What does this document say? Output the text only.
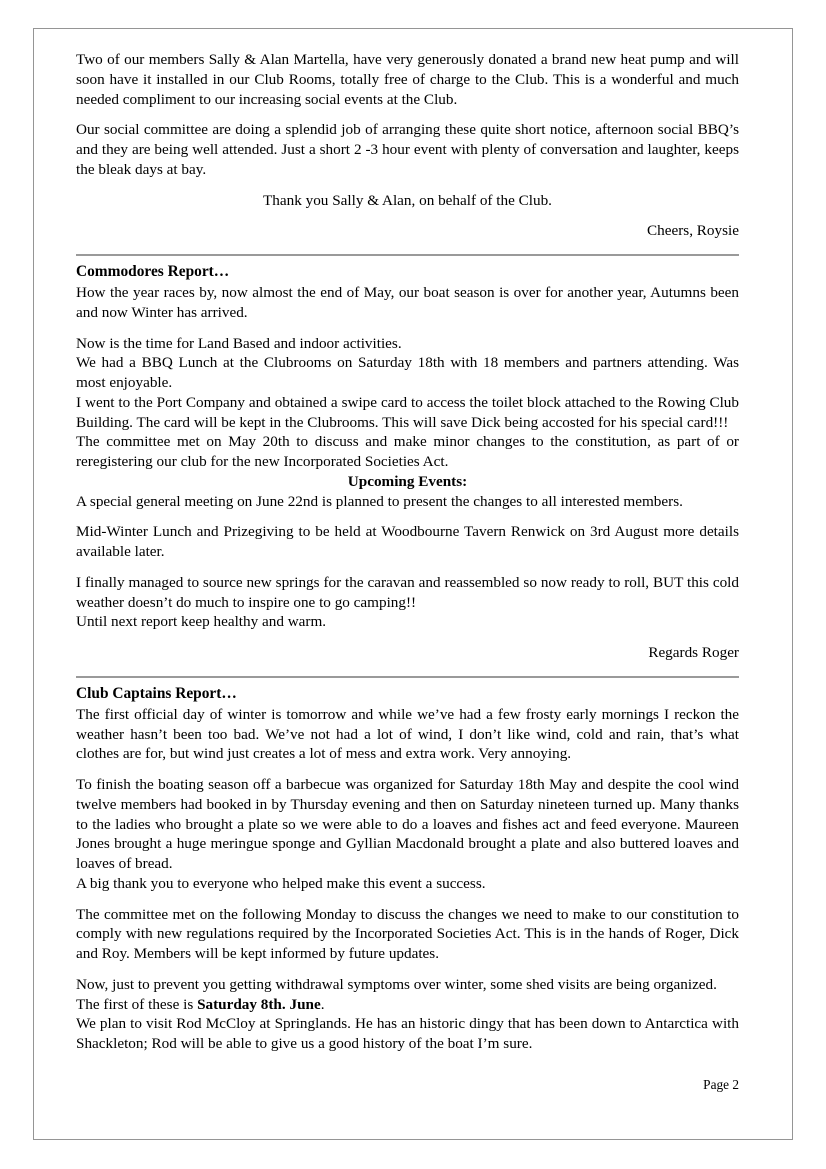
Two of our members Sally & Alan Martella, have very generously donated a brand new heat pump and will soon have it installed in our Club Rooms, totally free of charge to the Club. This is a wonderful and much needed compliment to our increasing social events at the Club.

Our social committee are doing a splendid job of arranging these quite short notice, afternoon social BBQ’s and they are being well attended. Just a short 2 -3 hour event with plenty of conversation and laughter, keeps the bleak days at bay.

Thank you Sally & Alan, on behalf of the Club.

Cheers, Roysie

Commodores Report…

How the year races by, now almost the end of May, our boat season is over for another year, Autumns been and now Winter has arrived.

Now is the time for Land Based and indoor activities.

We had a BBQ Lunch at the Clubrooms on Saturday 18th with 18 members and partners attending. Was most enjoyable.

I went to the Port Company and obtained a swipe card to access the toilet block attached to the Rowing Club Building. The card will be kept in the Clubrooms. This will save Dick being accosted for his special card!!!

The committee met on May 20th to discuss and make minor changes to the constitution, as part of or reregistering our club for the new Incorporated Societies Act.

Upcoming Events:

A special general meeting on June 22nd is planned to present the changes to all interested members.

Mid-Winter Lunch and Prizegiving to be held at Woodbourne Tavern Renwick on 3rd August more details available later.

I finally managed to source new springs for the caravan and reassembled so now ready to roll, BUT this cold weather doesn’t do much to inspire one to go camping!!

Until next report keep healthy and warm.

Regards Roger

Club Captains Report…

The first official day of winter is tomorrow and while we’ve had a few frosty early mornings I reckon the weather hasn’t been too bad. We’ve not had a lot of wind, I don’t like wind, cold and rain, that’s what clothes are for, but wind just creates a lot of mess and extra work. Very annoying.

To finish the boating season off a barbecue was organized for Saturday 18th May and despite the cool wind twelve members had booked in by Thursday evening and then on Saturday nineteen turned up. Many thanks to the ladies who brought a plate so we were able to do a loaves and fishes act and feed everyone. Maureen Jones brought a huge meringue sponge and Gyllian Macdonald brought a plate and also buttered loaves and loaves of bread.

A big thank you to everyone who helped make this event a success.

The committee met on the following Monday to discuss the changes we need to make to our constitution to comply with new regulations required by the Incorporated Societies Act. This is in the hands of Roger, Dick and Roy. Members will be kept informed by future updates.

Now, just to prevent you getting withdrawal symptoms over winter, some shed visits are being organized.

The first of these is Saturday 8th. June.

We plan to visit Rod McCloy at Springlands. He has an historic dingy that has been down to Antarctica with Shackleton; Rod will be able to give us a good history of the boat I’m sure.

Page 2
